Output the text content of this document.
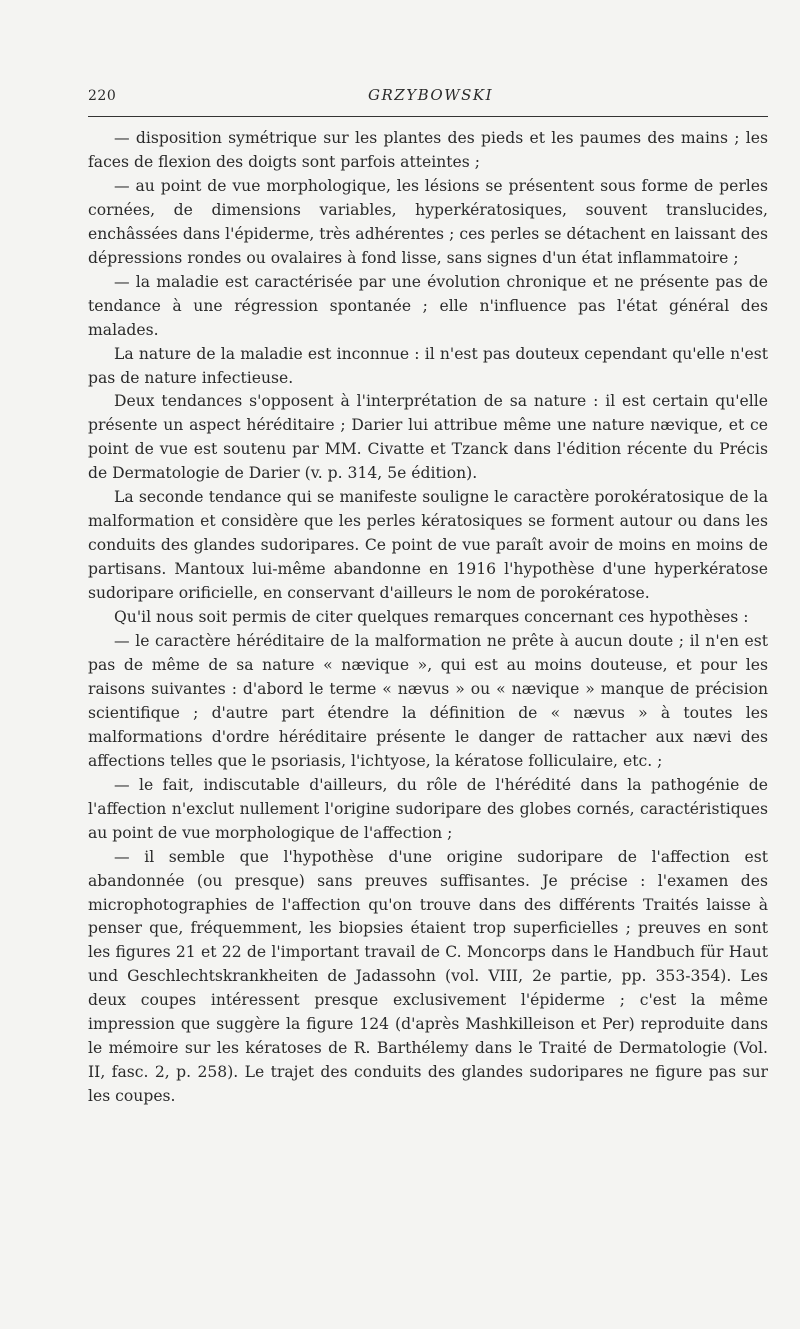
220	GRZYBOWSKI

— disposition symétrique sur les plantes des pieds et les paumes des mains ; les faces de flexion des doigts sont parfois atteintes ;

— au point de vue morphologique, les lésions se présentent sous forme de perles cornées, de dimensions variables, hyperkératosiques, souvent translucides, enchâssées dans l'épiderme, très adhérentes ; ces perles se détachent en laissant des dépressions rondes ou ovalaires à fond lisse, sans signes d'un état inflammatoire ;

— la maladie est caractérisée par une évolution chronique et ne présente pas de tendance à une régression spontanée ; elle n'influence pas l'état général des malades.

La nature de la maladie est inconnue : il n'est pas douteux cependant qu'elle n'est pas de nature infectieuse.

Deux tendances s'opposent à l'interprétation de sa nature : il est certain qu'elle présente un aspect héréditaire ; Darier lui attribue même une nature nævique, et ce point de vue est soutenu par MM. Civatte et Tzanck dans l'édition récente du Précis de Dermatologie de Darier (v. p. 314, 5e édition).

La seconde tendance qui se manifeste souligne le caractère porokératosique de la malformation et considère que les perles kératosiques se forment autour ou dans les conduits des glandes sudoripares. Ce point de vue paraît avoir de moins en moins de partisans. Mantoux lui-même abandonne en 1916 l'hypothèse d'une hyperkératose sudoripare orificielle, en conservant d'ailleurs le nom de porokératose.

Qu'il nous soit permis de citer quelques remarques concernant ces hypothèses :

— le caractère héréditaire de la malformation ne prête à aucun doute ; il n'en est pas de même de sa nature « nævique », qui est au moins douteuse, et pour les raisons suivantes : d'abord le terme « nævus » ou « nævique » manque de précision scientifique ; d'autre part étendre la définition de « nævus » à toutes les malformations d'ordre héréditaire présente le danger de rattacher aux nævi des affections telles que le psoriasis, l'ichtyose, la kératose folliculaire, etc. ;

— le fait, indiscutable d'ailleurs, du rôle de l'hérédité dans la pathogénie de l'affection n'exclut nullement l'origine sudoripare des globes cornés, caractéristiques au point de vue morphologique de l'affection ;

— il semble que l'hypothèse d'une origine sudoripare de l'affection est abandonnée (ou presque) sans preuves suffisantes. Je précise : l'examen des microphotographies de l'affection qu'on trouve dans des différents Traités laisse à penser que, fréquemment, les biopsies étaient trop superficielles ; preuves en sont les figures 21 et 22 de l'important travail de C. Moncorps dans le Handbuch für Haut und Geschlechtskrankheiten de Jadassohn (vol. VIII, 2e partie, pp. 353-354). Les deux coupes intéressent presque exclusivement l'épiderme ; c'est la même impression que suggère la figure 124 (d'après Mashkilleison et Per) reproduite dans le mémoire sur les kératoses de R. Barthélemy dans le Traité de Dermatologie (Vol. II, fasc. 2, p. 258). Le trajet des conduits des glandes sudoripares ne figure pas sur les coupes.
